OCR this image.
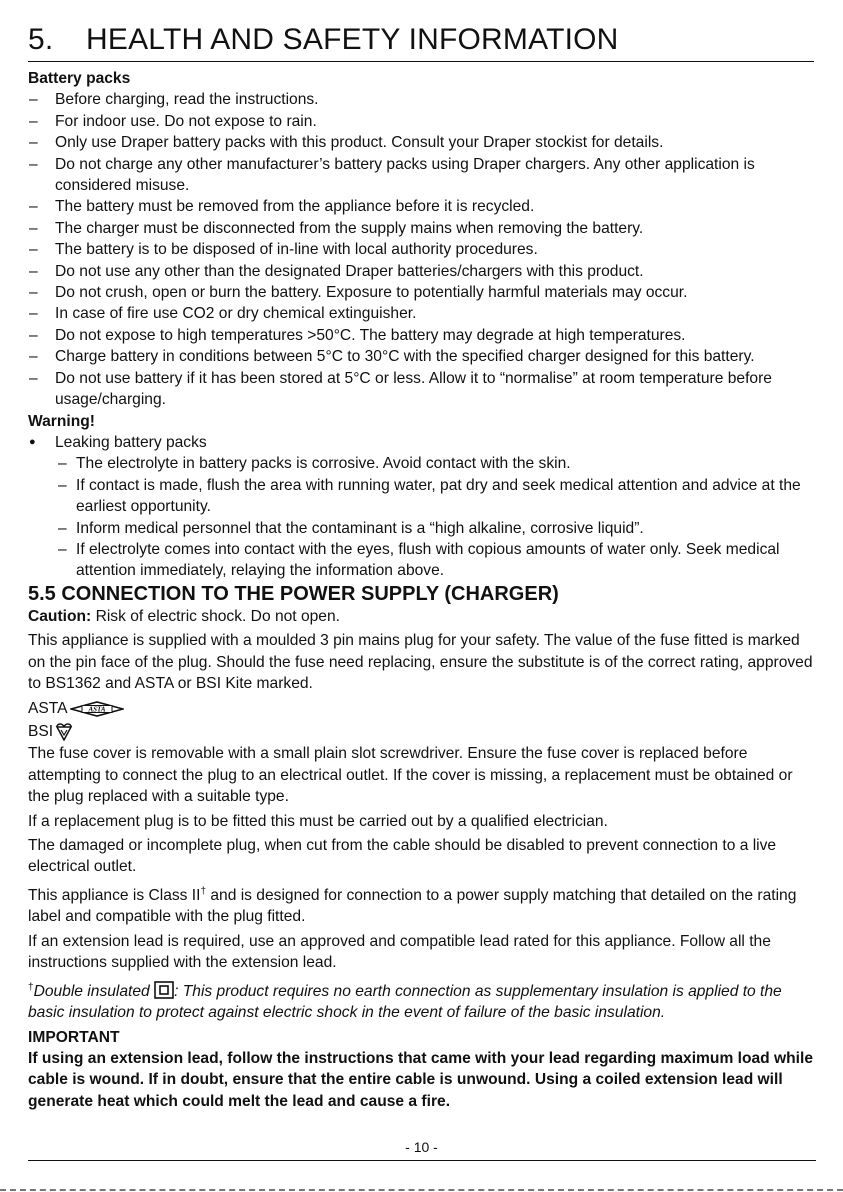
5. HEALTH AND SAFETY INFORMATION
Battery packs
– Before charging, read the instructions.
– For indoor use. Do not expose to rain.
– Only use Draper battery packs with this product. Consult your Draper stockist for details.
– Do not charge any other manufacturer’s battery packs using Draper chargers. Any other application is considered misuse.
– The battery must be removed from the appliance before it is recycled.
– The charger must be disconnected from the supply mains when removing the battery.
– The battery is to be disposed of in-line with local authority procedures.
– Do not use any other than the designated Draper batteries/chargers with this product.
– Do not crush, open or burn the battery. Exposure to potentially harmful materials may occur.
– In case of fire use CO2 or dry chemical extinguisher.
– Do not expose to high temperatures >50°C. The battery may degrade at high temperatures.
– Charge battery in conditions between 5°C to 30°C with the specified charger designed for this battery.
– Do not use battery if it has been stored at 5°C or less. Allow it to “normalise” at room temperature before usage/charging.
Warning!
● Leaking battery packs
– The electrolyte in battery packs is corrosive. Avoid contact with the skin.
– If contact is made, flush the area with running water, pat dry and seek medical attention and advice at the earliest opportunity.
– Inform medical personnel that the contaminant is a “high alkaline, corrosive liquid”.
– If electrolyte comes into contact with the eyes, flush with copious amounts of water only. Seek medical attention immediately, relaying the information above.
5.5 CONNECTION TO THE POWER SUPPLY (CHARGER)

Caution: Risk of electric shock. Do not open.

This appliance is supplied with a moulded 3 pin mains plug for your safety. The value of the fuse fitted is marked on the pin face of the plug. Should the fuse need replacing, ensure the substitute is of the correct rating, approved to BS1362 and ASTA or BSI Kite marked.

ASTA	ASTA
BSI

The fuse cover is removable with a small plain slot screwdriver. Ensure the fuse cover is replaced before attempting to connect the plug to an electrical outlet. If the cover is missing, a replacement must be obtained or the plug replaced with a suitable type.

If a replacement plug is to be fitted this must be carried out by a qualified electrician.

The damaged or incomplete plug, when cut from the cable should be disabled to prevent connection to a live electrical outlet.

This appliance is Class II† and is designed for connection to a power supply matching that detailed on the rating label and compatible with the plug fitted.

If an extension lead is required, use an approved and compatible lead rated for this appliance. Follow all the instructions supplied with the extension lead.

†Double insulated : This product requires no earth connection as supplementary insulation is applied to the basic insulation to protect against electric shock in the event of failure of the basic insulation.

IMPORTANT

If using an extension lead, follow the instructions that came with your lead regarding maximum load while cable is wound. If in doubt, ensure that the entire cable is unwound. Using a coiled extension lead will generate heat which could melt the lead and cause a fire.

- 10 -
